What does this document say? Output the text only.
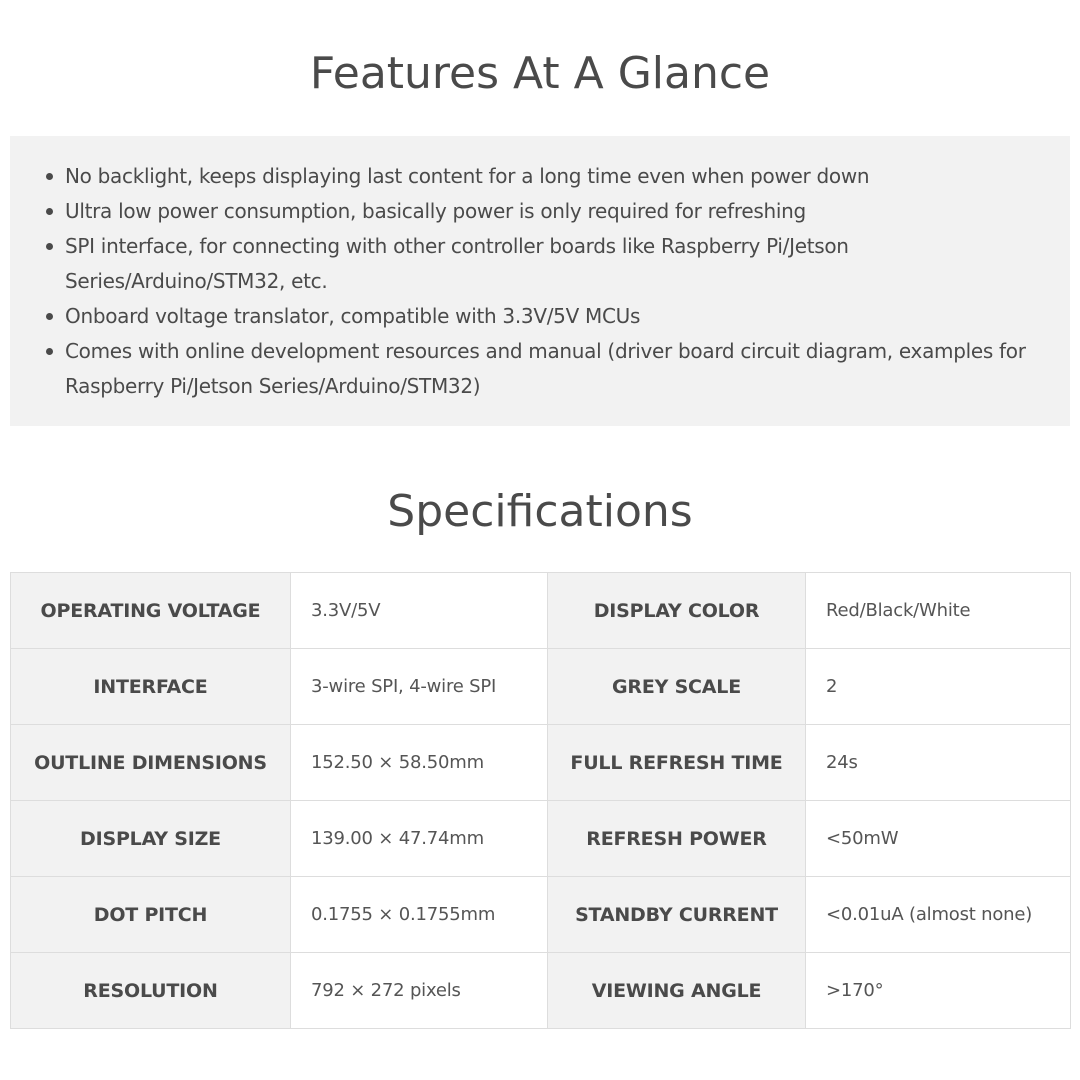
Features At A Glance
No backlight, keeps displaying last content for a long time even when power down
Ultra low power consumption, basically power is only required for refreshing
SPI interface, for connecting with other controller boards like Raspberry Pi/Jetson Series/Arduino/STM32, etc.
Onboard voltage translator, compatible with 3.3V/5V MCUs
Comes with online development resources and manual (driver board circuit diagram, examples for Raspberry Pi/Jetson Series/Arduino/STM32)
Specifications
OPERATING VOLTAGE	3.3V/5V	DISPLAY COLOR	Red/Black/White
INTERFACE	3-wire SPI, 4-wire SPI	GREY SCALE	2
OUTLINE DIMENSIONS	152.50 × 58.50mm	FULL REFRESH TIME	24s
DISPLAY SIZE	139.00 × 47.74mm	REFRESH POWER	<50mW
DOT PITCH	0.1755 × 0.1755mm	STANDBY CURRENT	<0.01uA (almost none)
RESOLUTION	792 × 272 pixels	VIEWING ANGLE	>170°
